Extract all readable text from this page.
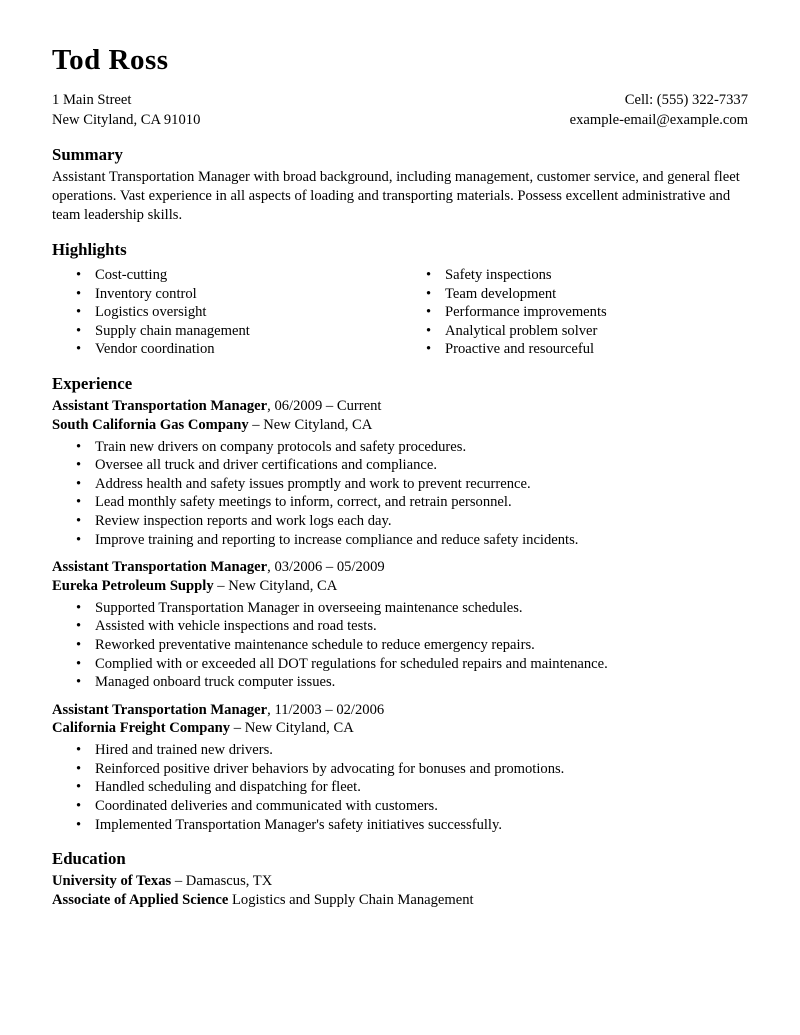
Tod Ross
1 Main Street
New Cityland, CA 91010
Cell: (555) 322-7337
example-email@example.com
Summary

Assistant Transportation Manager with broad background, including management, customer service, and general fleet operations. Vast experience in all aspects of loading and transporting materials. Possess excellent administrative and team leadership skills.

Highlights
• Cost-cutting
• Inventory control
• Logistics oversight
• Supply chain management
• Vendor coordination
• Safety inspections
• Team development
• Performance improvements
• Analytical problem solver
• Proactive and resourceful
Experience
Assistant Transportation Manager, 06/2009 – Current
South California Gas Company – New Cityland, CA
• Train new drivers on company protocols and safety procedures.
• Oversee all truck and driver certifications and compliance.
• Address health and safety issues promptly and work to prevent recurrence.
• Lead monthly safety meetings to inform, correct, and retrain personnel.
• Review inspection reports and work logs each day.
• Improve training and reporting to increase compliance and reduce safety incidents.
Assistant Transportation Manager, 03/2006 – 05/2009
Eureka Petroleum Supply – New Cityland, CA
• Supported Transportation Manager in overseeing maintenance schedules.
• Assisted with vehicle inspections and road tests.
• Reworked preventative maintenance schedule to reduce emergency repairs.
• Complied with or exceeded all DOT regulations for scheduled repairs and maintenance.
• Managed onboard truck computer issues.
Assistant Transportation Manager, 11/2003 – 02/2006
California Freight Company – New Cityland, CA
• Hired and trained new drivers.
• Reinforced positive driver behaviors by advocating for bonuses and promotions.
• Handled scheduling and dispatching for fleet.
• Coordinated deliveries and communicated with customers.
• Implemented Transportation Manager's safety initiatives successfully.
Education
University of Texas – Damascus, TX
Associate of Applied Science Logistics and Supply Chain Management
